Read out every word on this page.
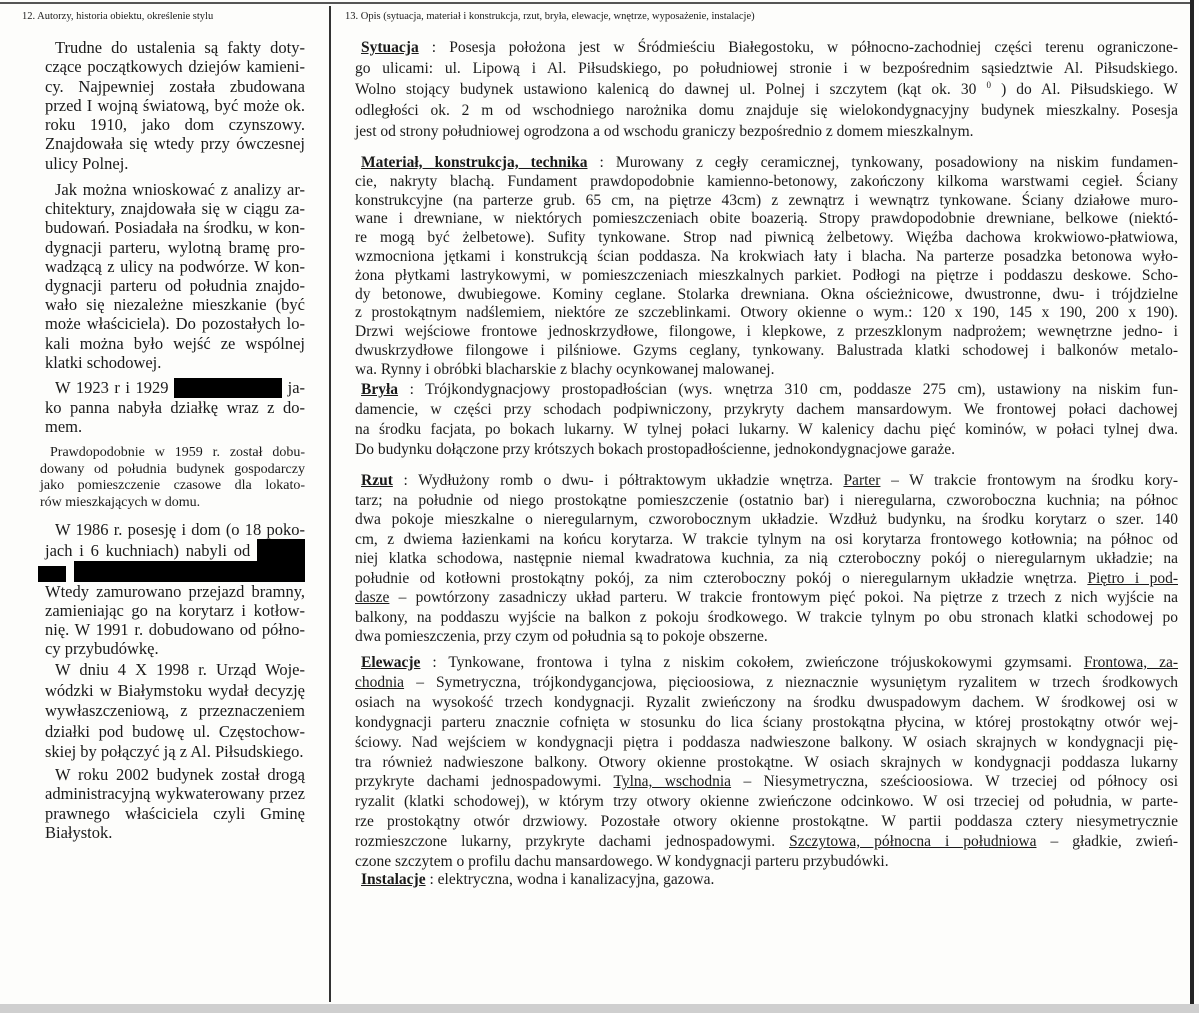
12. Autorzy, historia obiektu, określenie stylu
Trudne do ustalenia są fakty doty-
czące początkowych dziejów kamieni-
cy. Najpewniej została zbudowana
przed I wojną światową, być może ok.
roku 1910, jako dom czynszowy.
Znajdowała się wtedy przy ówczesnej
ulicy Polnej.
Jak można wnioskować z analizy ar-
chitektury, znajdowała się w ciągu za-
budowań. Posiadała na środku, w kon-
dygnacji parteru, wylotną bramę pro-
wadzącą z ulicy na podwórze. W kon-
dygnacji parteru od południa znajdo-
wało się niezależne mieszkanie (być
może właściciela). Do pozostałych lo-
kali można było wejść ze wspólnej
klatki schodowej.
W 1923 r i 1929	ja-
ko panna nabyła działkę wraz z do-
mem.
Prawdopodobnie w 1959 r. został dobu-
dowany od południa budynek gospodarczy
jako pomieszczenie czasowe dla lokato-
rów mieszkających w domu.
W 1986 r. posesję i dom (o 18 poko-
jach i 6 kuchniach) nabyli od

Wtedy zamurowano przejazd bramny,
zamieniając go na korytarz i kotłow-
nię. W 1991 r. dobudowano od półno-
cy przybudówkę.
W dniu 4 X 1998 r. Urząd Woje-
wódzki w Białymstoku wydał decyzję
wywłaszczeniową, z przeznaczeniem
działki pod budowę ul. Częstochow-
skiej by połączyć ją z Al. Piłsudskiego.
W roku 2002 budynek został drogą
administracyjną wykwaterowany przez
prawnego właściciela czyli Gminę
Białystok.
13. Opis (sytuacja, materiał i konstrukcja, rzut, bryła, elewacje, wnętrze, wyposażenie, instalacje)
Sytuacja : Posesja położona jest w Śródmieściu Białegostoku, w północno-zachodniej części terenu ograniczone-
go ulicami: ul. Lipową i Al. Piłsudskiego, po południowej stronie i w bezpośrednim sąsiedztwie Al. Piłsudskiego.
Wolno stojący budynek ustawiono kalenicą do dawnej ul. Polnej i szczytem (kąt ok. 30 $^0$ ) do Al. Piłsudskiego. W
odległości ok. 2 m od wschodniego narożnika domu znajduje się wielokondygnacyjny budynek mieszkalny. Posesja
jest od strony południowej ogrodzona a od wschodu graniczy bezpośrednio z domem mieszkalnym.
Materiał, konstrukcja, technika : Murowany z cegły ceramicznej, tynkowany, posadowiony na niskim fundamen-
cie, nakryty blachą. Fundament prawdopodobnie kamienno-betonowy, zakończony kilkoma warstwami cegieł. Ściany
konstrukcyjne (na parterze grub. 65 cm, na piętrze 43cm) z zewnątrz i wewnątrz tynkowane. Ściany działowe muro-
wane i drewniane, w niektórych pomieszczeniach obite boazerią. Stropy prawdopodobnie drewniane, belkowe (niektó-
re mogą być żelbetowe). Sufity tynkowane. Strop nad piwnicą żelbetowy. Więźba dachowa krokwiowo-płatwiowa,
wzmocniona jętkami i konstrukcją ścian poddasza. Na krokwiach łaty i blacha. Na parterze posadzka betonowa wyło-
żona płytkami lastrykowymi, w pomieszczeniach mieszkalnych parkiet. Podłogi na piętrze i poddaszu deskowe. Scho-
dy betonowe, dwubiegowe. Kominy ceglane. Stolarka drewniana. Okna ościeżnicowe, dwustronne, dwu- i trójdzielne
z prostokątnym nadślemiem, niektóre ze szczeblinkami. Otwory okienne o wym.: 120 x 190, 145 x 190, 200 x 190).
Drzwi wejściowe frontowe jednoskrzydłowe, filongowe, i klepkowe, z przeszklonym nadprożem; wewnętrzne jedno- i
dwuskrzydłowe filongowe i pilśniowe. Gzyms ceglany, tynkowany. Balustrada klatki schodowej i balkonów metalo-
wa. Rynny i obróbki blacharskie z blachy ocynkowanej malowanej.
Bryła : Trójkondygnacjowy prostopadłościan (wys. wnętrza 310 cm, poddasze 275 cm), ustawiony na niskim fun-
damencie, w części przy schodach podpiwniczony, przykryty dachem mansardowym. We frontowej połaci dachowej
na środku facjata, po bokach lukarny. W tylnej połaci lukarny. W kalenicy dachu pięć kominów, w połaci tylnej dwa.
Do budynku dołączone przy krótszych bokach prostopadłościenne, jednokondygnacjowe garaże.
Rzut : Wydłużony romb o dwu- i półtraktowym układzie wnętrza. Parter – W trakcie frontowym na środku kory-
tarz; na południe od niego prostokątne pomieszczenie (ostatnio bar) i nieregularna, czworoboczna kuchnia; na północ
dwa pokoje mieszkalne o nieregularnym, czworobocznym układzie. Wzdłuż budynku, na środku korytarz o szer. 140
cm, z dwiema łazienkami na końcu korytarza. W trakcie tylnym na osi korytarza frontowego kotłownia; na północ od
niej klatka schodowa, następnie niemal kwadratowa kuchnia, za nią czteroboczny pokój o nieregularnym układzie; na
południe od kotłowni prostokątny pokój, za nim czteroboczny pokój o nieregularnym układzie wnętrza. Piętro i pod-
dasze – powtórzony zasadniczy układ parteru. W trakcie frontowym pięć pokoi. Na piętrze z trzech z nich wyjście na
balkony, na poddaszu wyjście na balkon z pokoju środkowego. W trakcie tylnym po obu stronach klatki schodowej po
dwa pomieszczenia, przy czym od południa są to pokoje obszerne.
Elewacje : Tynkowane, frontowa i tylna z niskim cokołem, zwieńczone trójuskokowymi gzymsami. Frontowa, za-
chodnia – Symetryczna, trójkondygancjowa, pięcioosiowa, z nieznacznie wysuniętym ryzalitem w trzech środkowych
osiach na wysokość trzech kondygnacji. Ryzalit zwieńczony na środku dwuspadowym dachem. W środkowej osi w
kondygnacji parteru znacznie cofnięta w stosunku do lica ściany prostokątna płycina, w której prostokątny otwór wej-
ściowy. Nad wejściem w kondygnacji piętra i poddasza nadwieszone balkony. W osiach skrajnych w kondygnacji pię-
tra również nadwieszone balkony. Otwory okienne prostokątne. W osiach skrajnych w kondygnacji poddasza lukarny
przykryte dachami jednospadowymi. Tylna, wschodnia – Niesymetryczna, sześcioosiowa. W trzeciej od północy osi
ryzalit (klatki schodowej), w którym trzy otwory okienne zwieńczone odcinkowo. W osi trzeciej od południa, w parte-
rze prostokątny otwór drzwiowy. Pozostałe otwory okienne prostokątne. W partii poddasza cztery niesymetrycznie
rozmieszczone lukarny, przykryte dachami jednospadowymi. Szczytowa, północna i południowa – gładkie, zwień-
czone szczytem o profilu dachu mansardowego. W kondygnacji parteru przybudówki.
Instalacje : elektryczna, wodna i kanalizacyjna, gazowa.
